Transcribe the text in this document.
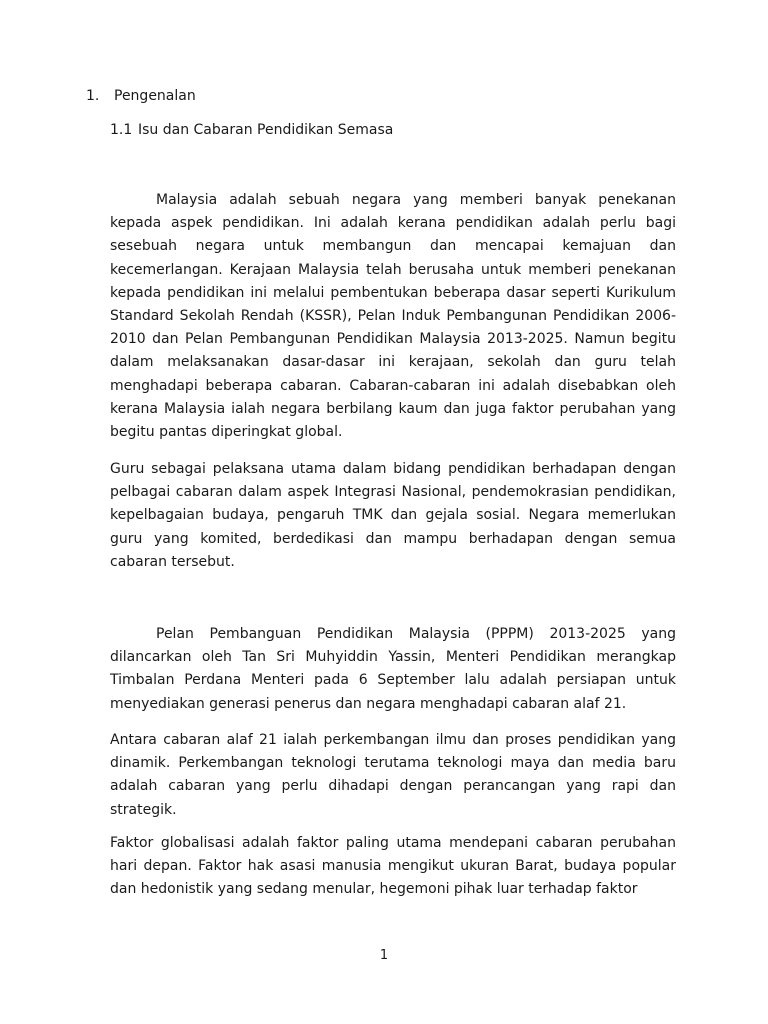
1. Pengenalan
1.1 Isu dan Cabaran Pendidikan Semasa

Malaysia adalah sebuah negara yang memberi banyak penekanan kepada aspek pendidikan. Ini adalah kerana pendidikan adalah perlu bagi sesebuah negara untuk membangun dan mencapai kemajuan dan kecemerlangan. Kerajaan Malaysia telah berusaha untuk memberi penekanan kepada pendidikan ini melalui pembentukan beberapa dasar seperti Kurikulum Standard Sekolah Rendah (KSSR), Pelan Induk Pembangunan Pendidikan 2006-2010 dan Pelan Pembangunan Pendidikan Malaysia 2013-2025. Namun begitu dalam melaksanakan dasar-dasar ini kerajaan, sekolah dan guru telah menghadapi beberapa cabaran. Cabaran-cabaran ini adalah disebabkan oleh kerana Malaysia ialah negara berbilang kaum dan juga faktor perubahan yang begitu pantas diperingkat global.

Guru sebagai pelaksana utama dalam bidang pendidikan berhadapan dengan pelbagai cabaran dalam aspek Integrasi Nasional, pendemokrasian pendidikan, kepelbagaian budaya, pengaruh TMK dan gejala sosial. Negara memerlukan guru yang komited, berdedikasi dan mampu berhadapan dengan semua cabaran tersebut.

Pelan Pembanguan Pendidikan Malaysia (PPPM) 2013-2025 yang dilancarkan oleh Tan Sri Muhyiddin Yassin, Menteri Pendidikan merangkap Timbalan Perdana Menteri pada 6 September lalu adalah persiapan untuk menyediakan generasi penerus dan negara menghadapi cabaran alaf 21.

Antara cabaran alaf 21 ialah perkembangan ilmu dan proses pendidikan yang dinamik. Perkembangan teknologi terutama teknologi maya dan media baru adalah cabaran yang perlu dihadapi dengan perancangan yang rapi dan strategik.

Faktor globalisasi adalah faktor paling utama mendepani cabaran perubahan hari depan. Faktor hak asasi manusia mengikut ukuran Barat, budaya popular dan hedonistik yang sedang menular, hegemoni pihak luar terhadap faktor

1
